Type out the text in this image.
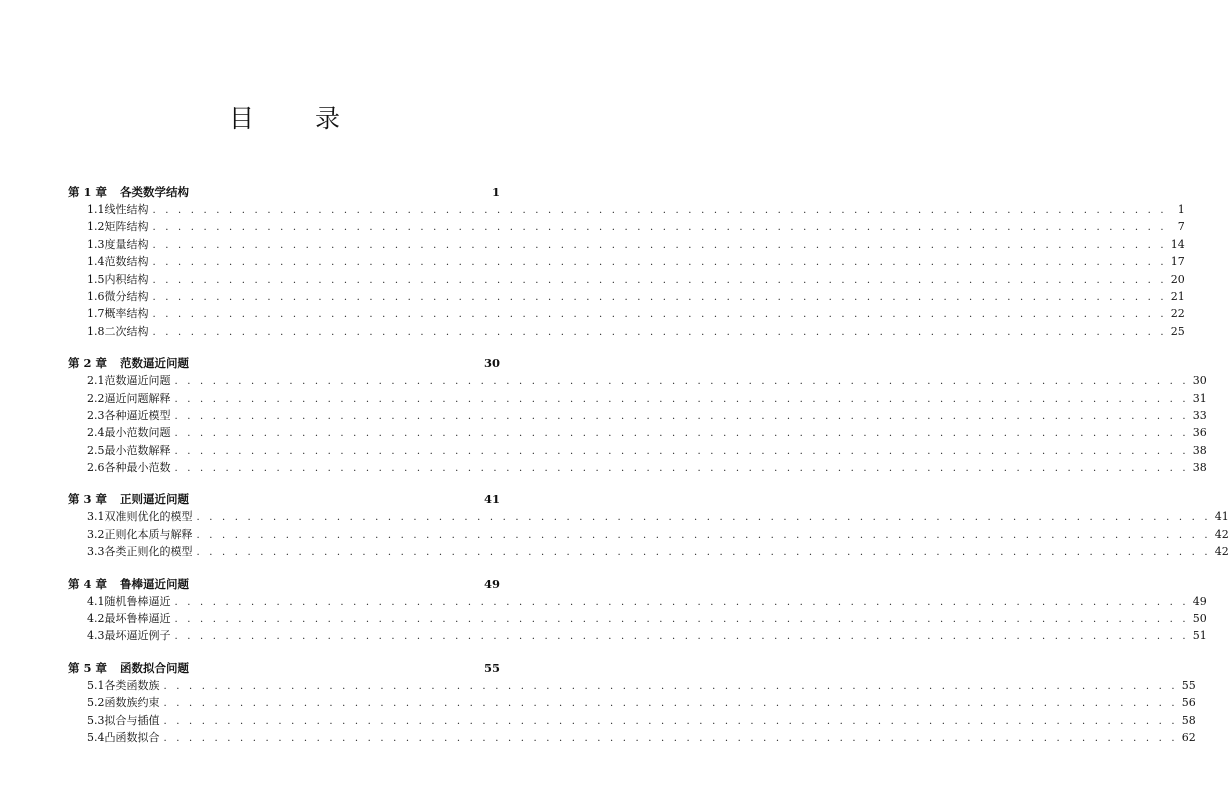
目　录
第 1 章	各类数学结构	1
1.1 线性结构 . . . . . . . . . . . . . . . . . . . . . . . . . . . . . . . . . . . . . . . . . . . . . . . . . . . . . . . . . . . . . . . . . . . . . . . . . . . . . . . .	1
1.2 矩阵结构 . . . . . . . . . . . . . . . . . . . . . . . . . . . . . . . . . . . . . . . . . . . . . . . . . . . . . . . . . . . . . . . . . . . . . . . . . . . . . . . .	7
1.3 度量结构 . . . . . . . . . . . . . . . . . . . . . . . . . . . . . . . . . . . . . . . . . . . . . . . . . . . . . . . . . . . . . . . . . . . . . . . . . . . . . . . . 14
1.4 范数结构 . . . . . . . . . . . . . . . . . . . . . . . . . . . . . . . . . . . . . . . . . . . . . . . . . . . . . . . . . . . . . . . . . . . . . . . . . . . . . . . . 17
1.5 内积结构 . . . . . . . . . . . . . . . . . . . . . . . . . . . . . . . . . . . . . . . . . . . . . . . . . . . . . . . . . . . . . . . . . . . . . . . . . . . . . . . . 20
1.6 微分结构 . . . . . . . . . . . . . . . . . . . . . . . . . . . . . . . . . . . . . . . . . . . . . . . . . . . . . . . . . . . . . . . . . . . . . . . . . . . . . . . . 21
1.7 概率结构 . . . . . . . . . . . . . . . . . . . . . . . . . . . . . . . . . . . . . . . . . . . . . . . . . . . . . . . . . . . . . . . . . . . . . . . . . . . . . . . . 22
1.8 二次结构 . . . . . . . . . . . . . . . . . . . . . . . . . . . . . . . . . . . . . . . . . . . . . . . . . . . . . . . . . . . . . . . . . . . . . . . . . . . . . . . . 25
第 2 章	范数逼近问题	30
2.1 范数逼近问题 . . . . . . . . . . . . . . . . . . . . . . . . . . . . . . . . . . . . . . . . . . . . . . . . . . . . . . . . . . . . . . . . . . . . . . . . . . . . . . . . 30
2.2 逼近问题解释 . . . . . . . . . . . . . . . . . . . . . . . . . . . . . . . . . . . . . . . . . . . . . . . . . . . . . . . . . . . . . . . . . . . . . . . . . . . . . . . . 31
2.3 各种逼近模型 . . . . . . . . . . . . . . . . . . . . . . . . . . . . . . . . . . . . . . . . . . . . . . . . . . . . . . . . . . . . . . . . . . . . . . . . . . . . . . . . 33
2.4 最小范数问题 . . . . . . . . . . . . . . . . . . . . . . . . . . . . . . . . . . . . . . . . . . . . . . . . . . . . . . . . . . . . . . . . . . . . . . . . . . . . . . . . 36
2.5 最小范数解释 . . . . . . . . . . . . . . . . . . . . . . . . . . . . . . . . . . . . . . . . . . . . . . . . . . . . . . . . . . . . . . . . . . . . . . . . . . . . . . . . 38
2.6 各种最小范数 . . . . . . . . . . . . . . . . . . . . . . . . . . . . . . . . . . . . . . . . . . . . . . . . . . . . . . . . . . . . . . . . . . . . . . . . . . . . . . . . 38
第 3 章	正则逼近问题	41
3.1 双准则优化的模型 . . . . . . . . . . . . . . . . . . . . . . . . . . . . . . . . . . . . . . . . . . . . . . . . . . . . . . . . . . . . . . . . . . . . . . . . . . . . . . . . 41
3.2 正则化本质与解释 . . . . . . . . . . . . . . . . . . . . . . . . . . . . . . . . . . . . . . . . . . . . . . . . . . . . . . . . . . . . . . . . . . . . . . . . . . . . . . . . 42
3.3 各类正则化的模型 . . . . . . . . . . . . . . . . . . . . . . . . . . . . . . . . . . . . . . . . . . . . . . . . . . . . . . . . . . . . . . . . . . . . . . . . . . . . . . . . 42
第 4 章	鲁棒逼近问题	49
4.1 随机鲁棒逼近 . . . . . . . . . . . . . . . . . . . . . . . . . . . . . . . . . . . . . . . . . . . . . . . . . . . . . . . . . . . . . . . . . . . . . . . . . . . . . . . . 49
4.2 最坏鲁棒逼近 . . . . . . . . . . . . . . . . . . . . . . . . . . . . . . . . . . . . . . . . . . . . . . . . . . . . . . . . . . . . . . . . . . . . . . . . . . . . . . . . 50
4.3 最坏逼近例子 . . . . . . . . . . . . . . . . . . . . . . . . . . . . . . . . . . . . . . . . . . . . . . . . . . . . . . . . . . . . . . . . . . . . . . . . . . . . . . . . 51
第 5 章	函数拟合问题	55
5.1 各类函数族 . . . . . . . . . . . . . . . . . . . . . . . . . . . . . . . . . . . . . . . . . . . . . . . . . . . . . . . . . . . . . . . . . . . . . . . . . . . . . . . . 55
5.2 函数族约束 . . . . . . . . . . . . . . . . . . . . . . . . . . . . . . . . . . . . . . . . . . . . . . . . . . . . . . . . . . . . . . . . . . . . . . . . . . . . . . . . 56
5.3 拟合与插值 . . . . . . . . . . . . . . . . . . . . . . . . . . . . . . . . . . . . . . . . . . . . . . . . . . . . . . . . . . . . . . . . . . . . . . . . . . . . . . . . 58
5.4 凸函数拟合 . . . . . . . . . . . . . . . . . . . . . . . . . . . . . . . . . . . . . . . . . . . . . . . . . . . . . . . . . . . . . . . . . . . . . . . . . . . . . . . . 62
